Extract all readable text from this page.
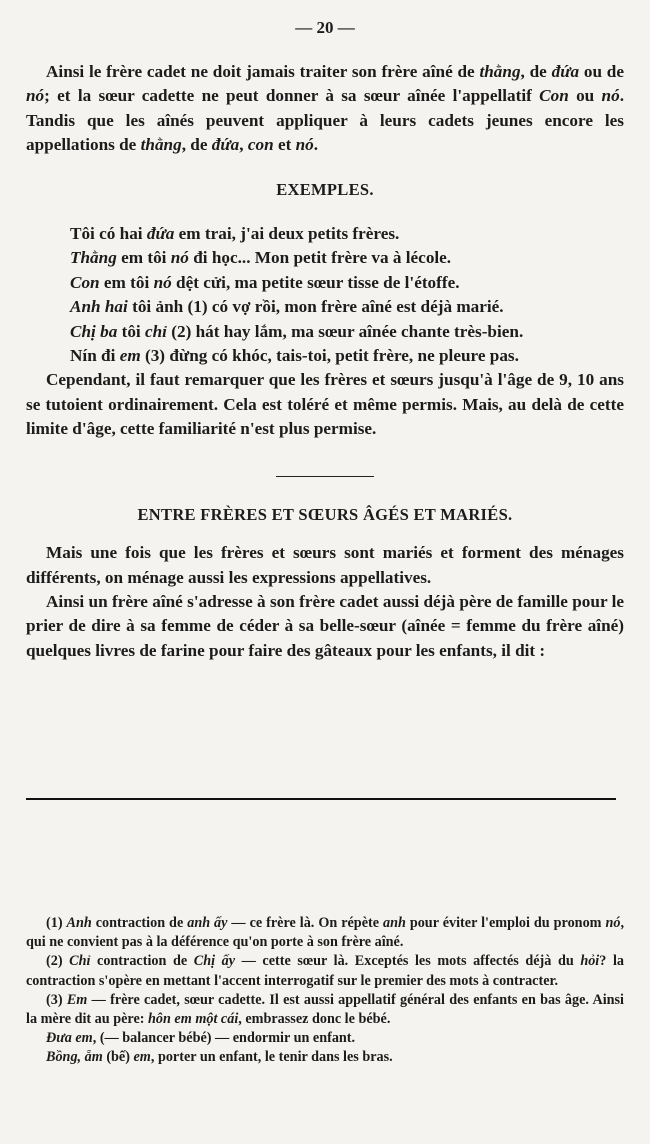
— 20 —

Ainsi le frère cadet ne doit jamais traiter son frère aîné de thằng, de đứa ou de nó; et la sœur cadette ne peut donner à sa sœur aînée l'appellatif Con ou nó. Tandis que les aînés peuvent appliquer à leurs cadets jeunes encore les appellations de thằng, de đứa, con et nó.

EXEMPLES.

Tôi có hai đứa em trai, j'ai deux petits frères.

Thằng em tôi nó đi học... Mon petit frère va à lécole.

Con em tôi nó dệt cửi, ma petite sœur tisse de l'étoffe.

Anh hai tôi ảnh (1) có vợ rồi, mon frère aîné est déjà marié.

Chị ba tôi chỉ (2) hát hay lắm, ma sœur aînée chante très-bien.

Nín đi em (3) đừng có khóc, tais-toi, petit frère, ne pleure pas.

Cependant, il faut remarquer que les frères et sœurs jusqu'à l'âge de 9, 10 ans se tutoient ordinairement. Cela est toléré et même permis. Mais, au delà de cette limite d'âge, cette familiarité n'est plus permise.

ENTRE FRÈRES ET SŒURS ÂGÉS ET MARIÉS.

Mais une fois que les frères et sœurs sont mariés et forment des ménages différents, on ménage aussi les expressions appellatives.

Ainsi un frère aîné s'adresse à son frère cadet aussi déjà père de famille pour le prier de dire à sa femme de céder à sa belle-sœur (aînée = femme du frère aîné) quelques livres de farine pour faire des gâteaux pour les enfants, il dit :

(1) Anh contraction de anh ấy — ce frère là. On répète anh pour éviter l'emploi du pronom nó, qui ne convient pas à la déférence qu'on porte à son frère aîné.

(2) Chỉ contraction de Chị ấy — cette sœur là. Exceptés les mots affectés déjà du hỏi? la contraction s'opère en mettant l'accent interrogatif sur le premier des mots à contracter.

(3) Em — frère cadet, sœur cadette. Il est aussi appellatif général des enfants en bas âge. Ainsi la mère dit au père: hôn em một cái, embrassez donc le bébé.

Đưa em, (— balancer bébé) — endormir un enfant.

Bồng, ẵm (bế) em, porter un enfant, le tenir dans les bras.
